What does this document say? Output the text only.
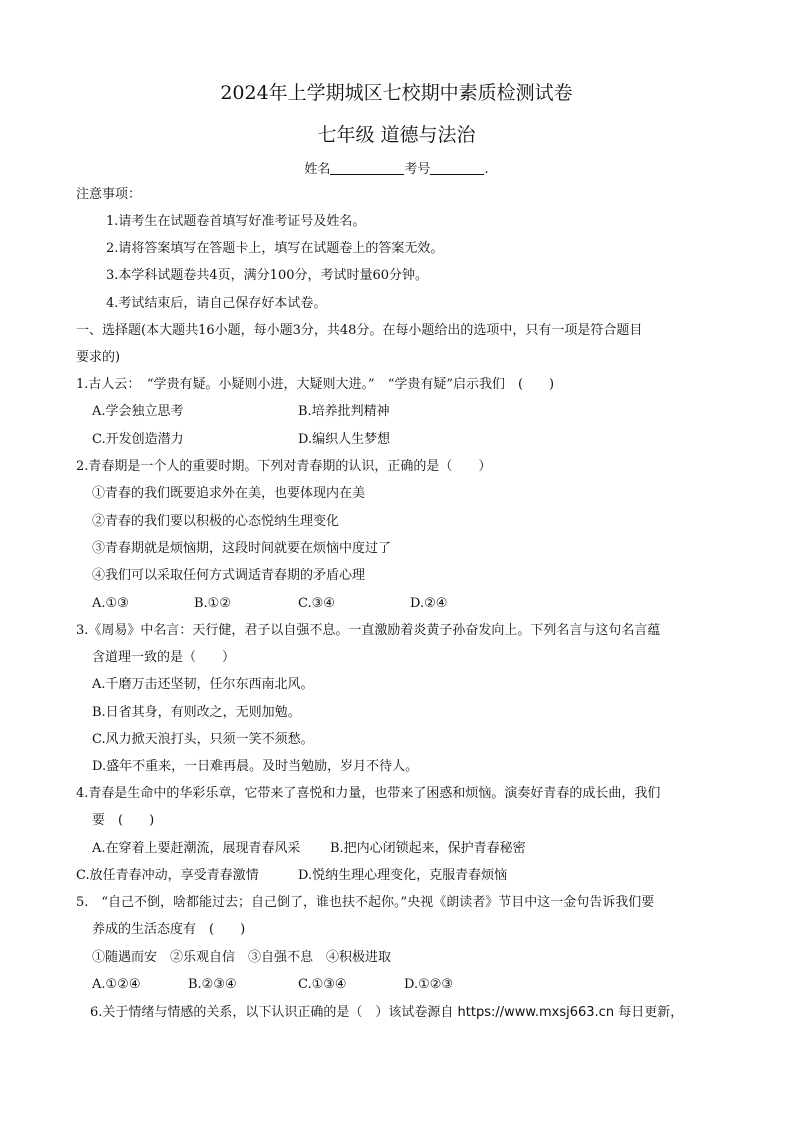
2024年上学期城区七校期中素质检测试卷
七年级 道德与法治
姓名	考号	.
注意事项：
1.请考生在试题卷首填写好准考证号及姓名。
2.请将答案填写在答题卡上，填写在试题卷上的答案无效。
3.本学科试题卷共4页，满分100分，考试时量60分钟。
4.考试结束后，请自己保存好本试卷。
一、选择题(本大题共16小题，每小题3分，共48分。在每小题给出的选项中，只有一项是符合题目
要求的)
1.古人云：　“学贵有疑。小疑则小进，大疑则大进。”　“学贵有疑”启示我们　(　　)
A.学会独立思考	B.培养批判精神
C.开发创造潜力	D.编织人生梦想
2.青春期是一个人的重要时期。下列对青春期的认识，正确的是（　　）
①青春的我们既要追求外在美，也要体现内在美
②青春的我们要以积极的心态悦纳生理变化
③青春期就是烦恼期，这段时间就要在烦恼中度过了
④我们可以采取任何方式调适青春期的矛盾心理
A.①③	B.①②	C.③④	D.②④
3.《周易》中名言：天行健，君子以自强不息。一直激励着炎黄子孙奋发向上。下列名言与这句名言蕴
含道理一致的是（　　）
A.千磨万击还坚韧，任尔东西南北风。
B.日省其身，有则改之，无则加勉。
C.风力掀天浪打头，只须一笑不须愁。
D.盛年不重来，一日难再晨。及时当勉励，岁月不待人。
4.青春是生命中的华彩乐章，它带来了喜悦和力量，也带来了困惑和烦恼。演奏好青春的成长曲，我们
要　(　　)
A.在穿着上要赶潮流，展现青春风采 B.把内心闭锁起来，保护青春秘密
C.放任青春冲动，享受青春激情	D.悦纳生理心理变化，克服青春烦恼
5.　“自己不倒，啥都能过去；自己倒了，谁也扶不起你。”央视《朗读者》节目中这一金句告诉我们要
养成的生活态度有　(　　)
①随遇而安　②乐观自信　③自强不息　④积极进取
A.①②④	B.②③④	C.①③④	D.①②③
6.关于情绪与情感的关系，以下认识正确的是（　）该试卷源自 https://www.mxsj663.cn 每日更新，
